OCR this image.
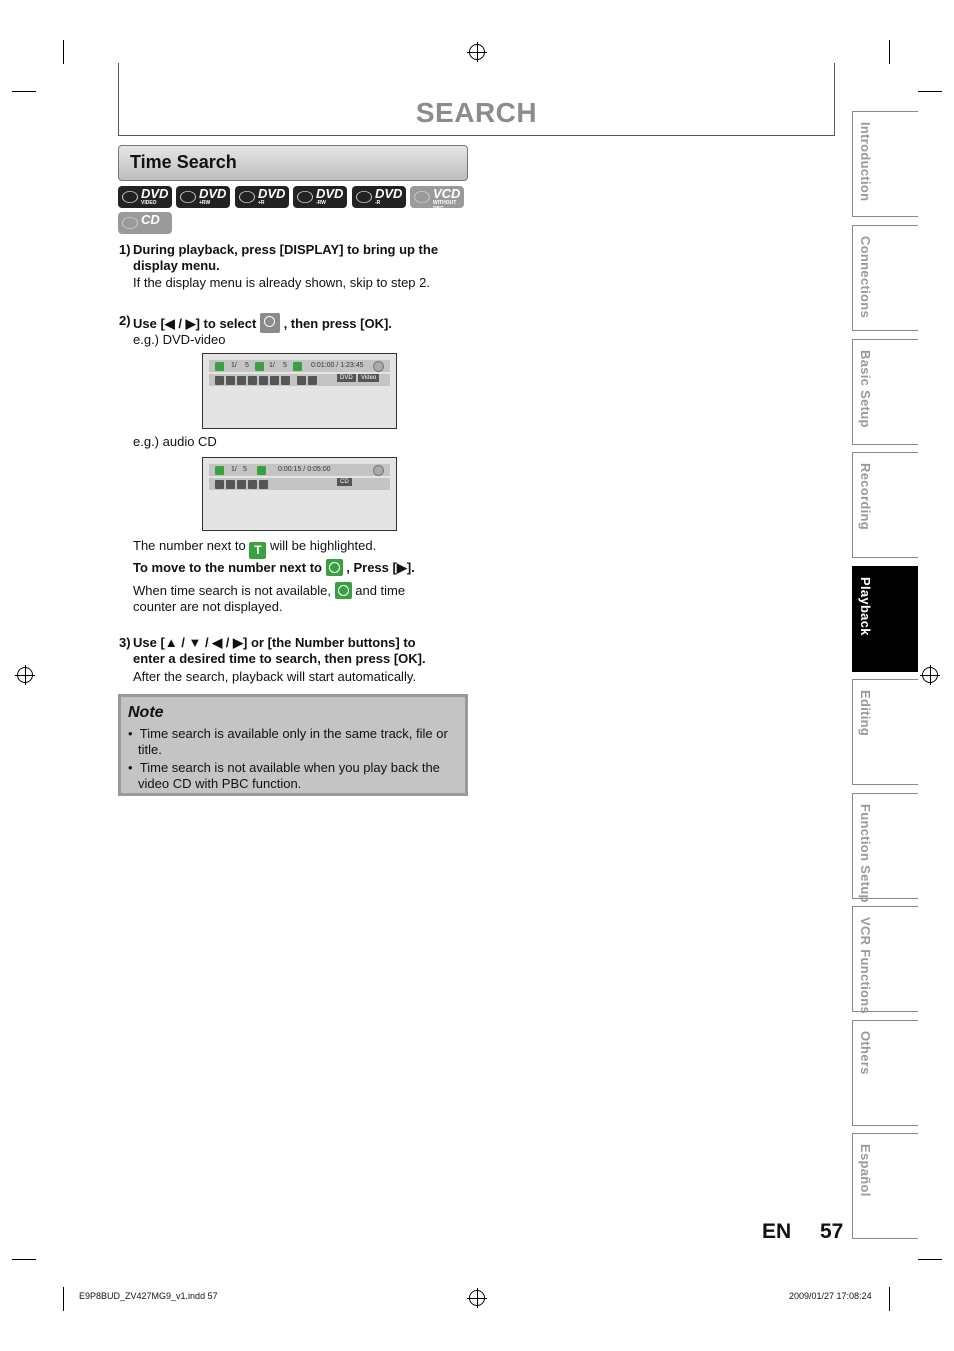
SEARCH
Time Search
DVD
VIDEO
DVD
+RW
DVD
+R
DVD
-RW
DVD
-R
VCD
WITHOUT PBC
CD
1) During playback, press [DISPLAY] to bring up the
display menu.
If the display menu is already shown, skip to step 2.
2) Use [◀ / ▶] to select , then press [OK].
e.g.) DVD-video
1/ 5	1/ 5	0:01:00 / 1:23:45
DVD	Video
e.g.) audio CD
1/ 5	0:00:15 / 0:05:00
CD
The number next to T will be highlighted.
To move to the number next to , Press [▶].
When time search is not available, and time
counter are not displayed.
3) Use [▲ / ▼ / ◀ / ▶] or [the Number buttons] to
enter a desired time to search, then press [OK].
After the search, playback will start automatically.
Note
•  Time search is available only in the same track, file or
title.
•  Time search is not available when you play back the
video CD with PBC function.
Introduction
Connections
Basic Setup
Recording
Playback
Editing
Function Setup
VCR Functions
Others
Español
EN 57
E9P8BUD_ZV427MG9_v1.indd 57	2009/01/27 17:08:24
